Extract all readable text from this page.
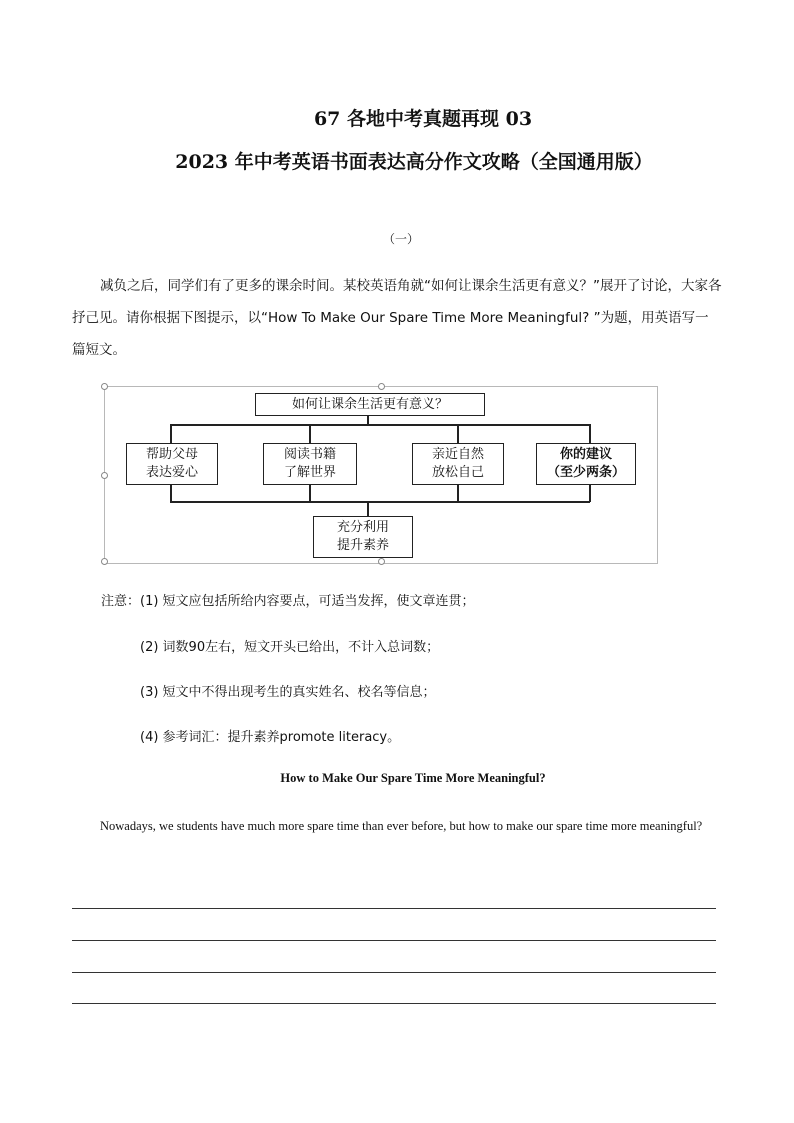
67 各地中考真题再现 03
2023 年中考英语书面表达高分作文攻略（全国通用版）
（一）
减负之后，同学们有了更多的课余时间。某校英语角就“如何让课余生活更有意义？”展开了讨论，大家各抒己见。请你根据下图提示，以“How To Make Our Spare Time More Meaningful? ”为题，用英语写一篇短文。
如何让课余生活更有意义？
帮助父母
表达爱心
阅读书籍
了解世界
亲近自然
放松自己
你的建议
（至少两条）
充分利用
提升素养
注意：(1) 短文应包括所给内容要点，可适当发挥，使文章连贯；
(2) 词数90左右，短文开头已给出，不计入总词数；
(3) 短文中不得出现考生的真实姓名、校名等信息；
(4) 参考词汇：提升素养promote literacy。
How to Make Our Spare Time More Meaningful?
Nowadays, we students have much more spare time than ever before, but how to make our spare time more meaningful?
